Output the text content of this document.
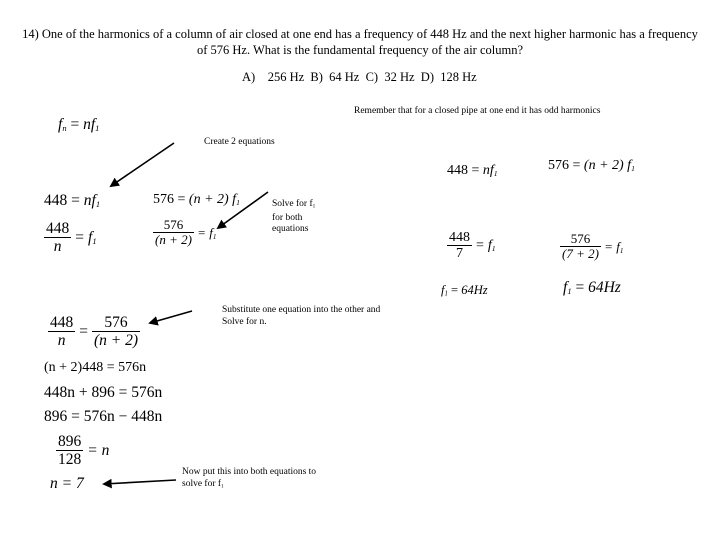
14) One of the harmonics of a column of air closed at one end has a frequency of 448 Hz and the next higher harmonic has a frequency of 576 Hz. What is the fundamental frequency of the air column?
A)    256 Hz  B)  64 Hz  C)  32 Hz  D)  128 Hz
Remember that for a closed pipe at one end it has odd harmonics
Create 2 equations
Solve for $f_1$
for both
equations
Substitute one equation into the other and
Solve for n.
Now put this into both equations to
solve for $f_1$
$f_n = nf_1$
$448 = nf_1$	576 = (n + 2) $f_1$
$\frac{448}{n} = f_1$	$\frac{576}{(n + 2)} = f_1$
$448 = nf_1$
576 = (n + 2) $f_1$
$\frac{448}{7} = f_1$	$\frac{576}{(7 + 2)} = f_1$
$f_1 = 64Hz$	$f_1 = 64Hz$
$\frac{448}{n} = \frac{576}{(n + 2)}$
(n + 2)448 = 576n
448n + 896 = 576n
896 = 576n − 448n
$\frac{896}{128} = n$
n = 7
